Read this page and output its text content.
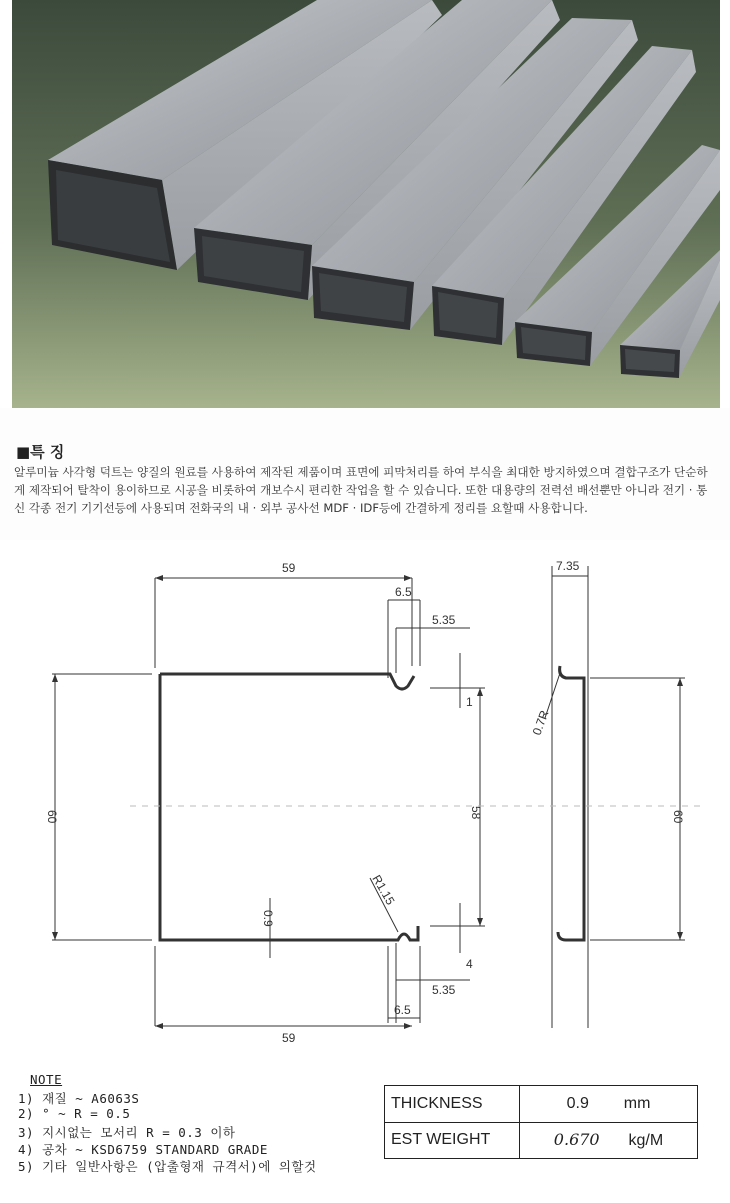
■특 징
알루미늄 사각형 덕트는 양질의 원료를 사용하여 제작된 제품이며 표면에 피막처리를 하여 부식을 최대한 방지하였으며 결합구조가 단순하게 제작되어 탈착이 용이하므로 시공을 비롯하여 개보수시 편리한 작업을 할 수 있습니다. 또한 대용량의 전력선 배선뿐만 아니라 전기 · 통신 각종 전기 기기선등에 사용되며 전화국의 내 · 외부 공사선 MDF · IDF등에 간결하게 정리를 요할때 사용합니다.
59
6.5
5.35
60	58
1
4
0.9
R1.15
5.35
6.5
59
7.35
60
0.7R
NOTE
1) 재질 ~ A6063S
2) ° ~ R = 0.5
3) 지시없는 모서리 R = 0.3 이하
4) 공차 ~ KSD6759 STANDARD GRADE
5) 기타 일반사항은 (압출형재 규격서)에 의할것
THICKNESS	0.9 mm
EST WEIGHT	0.670 kg/M
